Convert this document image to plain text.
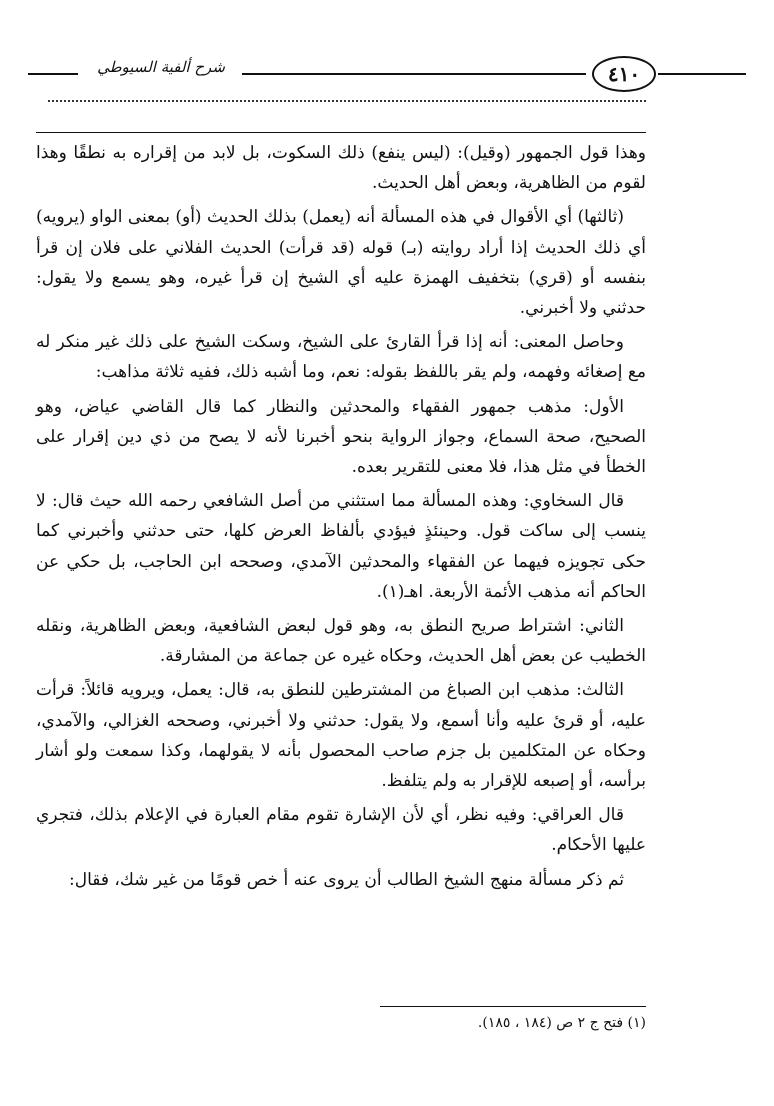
شرح ألفية السيوطي	٤١٠

وهذا قول الجمهور (وقيل): (ليس ينفع) ذلك السكوت، بل لابد من إقراره به نطقًا وهذا لقوم من الظاهرية، وبعض أهل الحديث.

(ثالثها) أي الأقوال في هذه المسألة أنه (يعمل) بذلك الحديث (أو) بمعنى الواو (يرويه) أي ذلك الحديث إذا أراد روايته (بـ) قوله (قد قرأت) الحديث الفلاني على فلان إن قرأ بنفسه أو (قري) بتخفيف الهمزة عليه أي الشيخ إن قرأ غيره، وهو يسمع ولا يقول: حدثني ولا أخبرني.

وحاصل المعنى: أنه إذا قرأ القارئ على الشيخ، وسكت الشيخ على ذلك غير منكر له مع إصغائه وفهمه، ولم يقر باللفظ بقوله: نعم، وما أشبه ذلك، ففيه ثلاثة مذاهب:

الأول: مذهب جمهور الفقهاء والمحدثين والنظار كما قال القاضي عياض، وهو الصحيح، صحة السماع، وجواز الرواية بنحو أخبرنا لأنه لا يصح من ذي دين إقرار على الخطأ في مثل هذا، فلا معنى للتقرير بعده.

قال السخاوي: وهذه المسألة مما استثني من أصل الشافعي رحمه الله حيث قال: لا ينسب إلى ساكت قول. وحينئذٍ فيؤدي بألفاظ العرض كلها، حتى حدثني وأخبرني كما حكى تجويزه فيهما عن الفقهاء والمحدثين الآمدي، وصححه ابن الحاجب، بل حكي عن الحاكم أنه مذهب الأئمة الأربعة. اهـ(١).

الثاني: اشتراط صريح النطق به، وهو قول لبعض الشافعية، وبعض الظاهرية، ونقله الخطيب عن بعض أهل الحديث، وحكاه غيره عن جماعة من المشارقة.

الثالث: مذهب ابن الصباغ من المشترطين للنطق به، قال: يعمل، ويرويه قائلاً: قرأت عليه، أو قرئ عليه وأنا أسمع، ولا يقول: حدثني ولا أخبرني، وصححه الغزالي، والآمدي، وحكاه عن المتكلمين بل جزم صاحب المحصول بأنه لا يقولهما، وكذا سمعت ولو أشار برأسه، أو إصبعه للإقرار به ولم يتلفظ.

قال العراقي: وفيه نظر، أي لأن الإشارة تقوم مقام العبارة في الإعلام بذلك، فتجري عليها الأحكام.

ثم ذكر مسألة منهج الشيخ الطالب أن يروى عنه أ خص قومًا من غير شك، فقال:

(١) فتح ج ٢ ص (١٨٤ ، ١٨٥).
